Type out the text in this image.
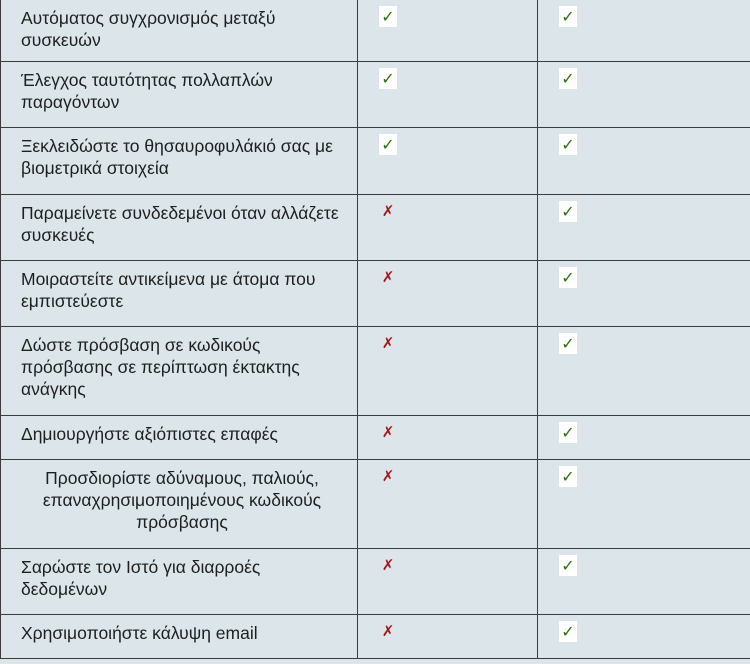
Αυτόματος συγχρονισμός μεταξύ συσκευών	✓	✓
Έλεγχος ταυτότητας πολλαπλών παραγόντων	✓	✓
Ξεκλειδώστε το θησαυροφυλάκιό σας με βιομετρικά στοιχεία	✓	✓
Παραμείνετε συνδεδεμένοι όταν αλλάζετε συσκευές	✗	✓
Μοιραστείτε αντικείμενα με άτομα που εμπιστεύεστε	✗	✓
Δώστε πρόσβαση σε κωδικούς πρόσβασης σε περίπτωση έκτακτης ανάγκης	✗	✓
Δημιουργήστε αξιόπιστες επαφές	✗	✓
Προσδιορίστε αδύναμους, παλιούς, επαναχρησιμοποιημένους κωδικούς πρόσβασης	✗	✓
Σαρώστε τον Ιστό για διαρροές δεδομένων	✗	✓
Χρησιμοποιήστε κάλυψη email	✗	✓
